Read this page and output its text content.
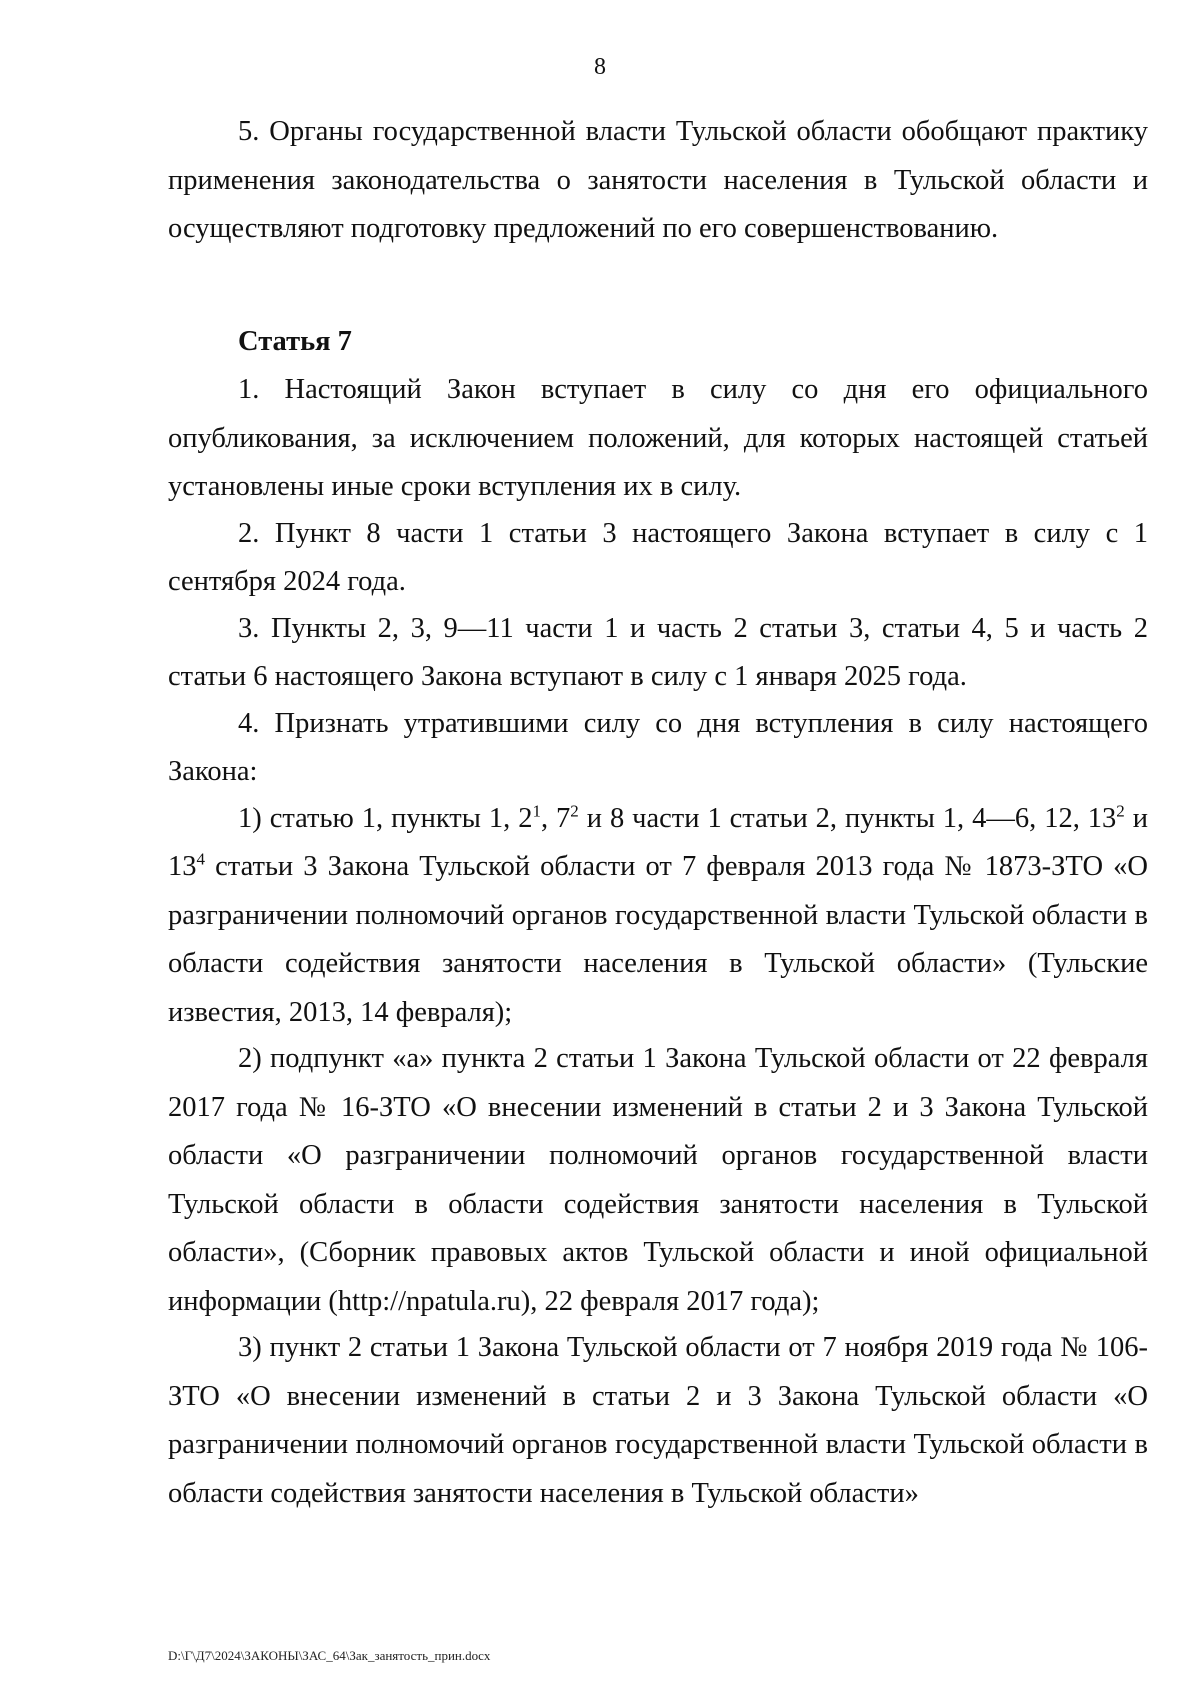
8

5. Органы государственной власти Тульской области обобщают практику применения законодательства о занятости населения в Тульской области и осуществляют подготовку предложений по его совершенствованию.

Статья 7

1. Настоящий Закон вступает в силу со дня его официального опубликования, за исключением положений, для которых настоящей статьей установлены иные сроки вступления их в силу.

2. Пункт 8 части 1 статьи 3 настоящего Закона вступает в силу с 1 сентября 2024 года.

3. Пункты 2, 3, 9—11 части 1 и часть 2 статьи 3, статьи 4, 5 и часть 2 статьи 6 настоящего Закона вступают в силу с 1 января 2025 года.

4. Признать утратившими силу со дня вступления в силу настоящего Закона:

1) статью 1, пункты 1, $2^1$, $7^2$ и 8 части 1 статьи 2, пункты 1, 4—6, 12, $13^2$ и $13^4$ статьи 3 Закона Тульской области от 7 февраля 2013 года № 1873-ЗТО «О разграничении полномочий органов государственной власти Тульской области в области содействия занятости населения в Тульской области» (Тульские известия, 2013, 14 февраля);

2) подпункт «а» пункта 2 статьи 1 Закона Тульской области от 22 февраля 2017 года № 16-ЗТО «О внесении изменений в статьи 2 и 3 Закона Тульской области «О разграничении полномочий органов государственной власти Тульской области в области содействия занятости населения в Тульской области», (Сборник правовых актов Тульской области и иной официальной информации (http://npatula.ru), 22 февраля 2017 года);

3) пункт 2 статьи 1 Закона Тульской области от 7 ноября 2019 года № 106-ЗТО «О внесении изменений в статьи 2 и 3 Закона Тульской области «О разграничении полномочий органов государственной власти Тульской области в области содействия занятости населения в Тульской области»

D:\Г\Д7\2024\ЗАКОНЫ\ЗАС_64\Зак_занятость_прин.docx
